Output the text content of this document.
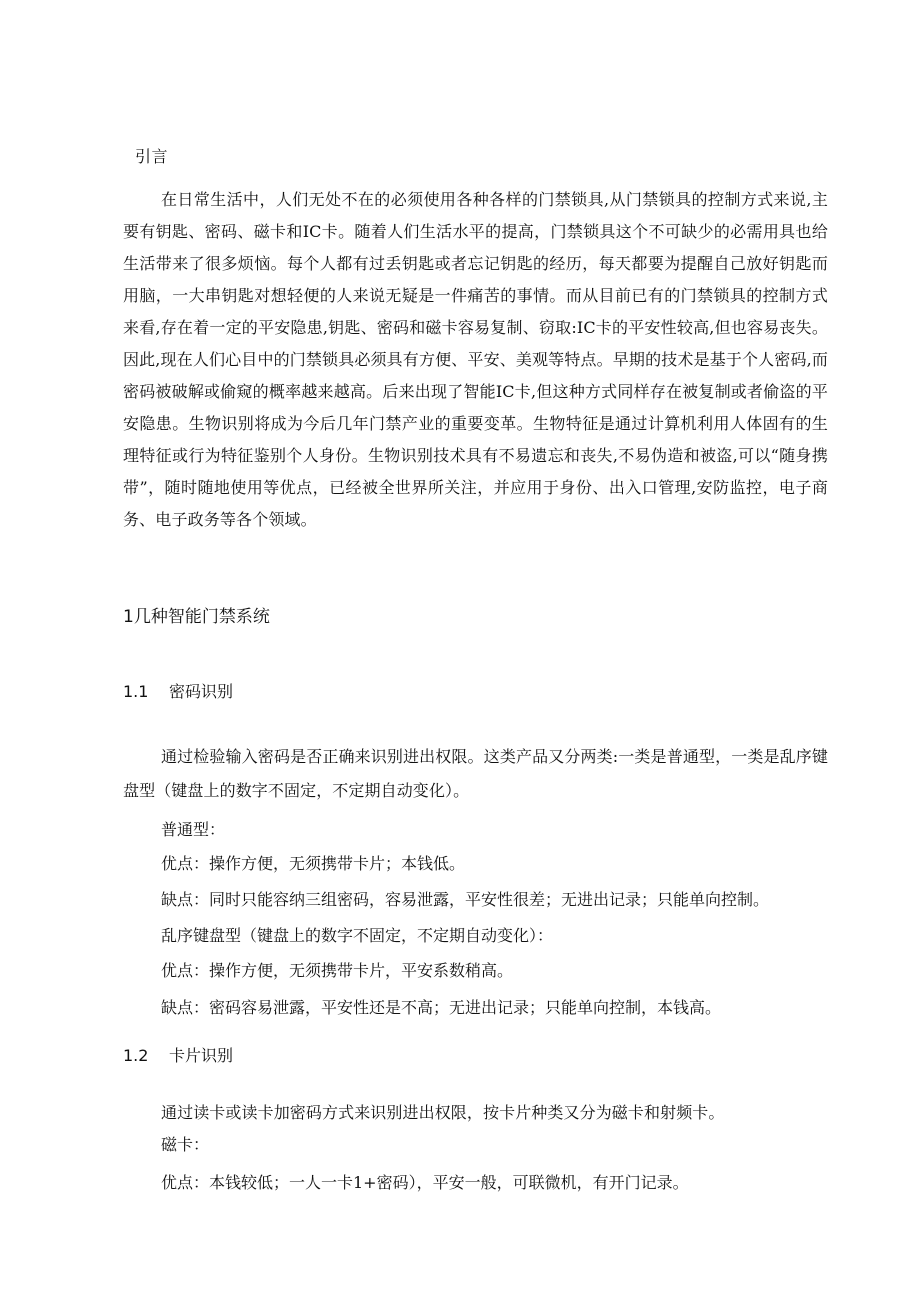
引言

在日常生活中，人们无处不在的必须使用各种各样的门禁锁具,从门禁锁具的控制方式来说,主要有钥匙、密码、磁卡和IC卡。随着人们生活水平的提高，门禁锁具这个不可缺少的必需用具也给生活带来了很多烦恼。每个人都有过丢钥匙或者忘记钥匙的经历，每天都要为提醒自己放好钥匙而用脑，一大串钥匙对想轻便的人来说无疑是一件痛苦的事情。而从目前已有的门禁锁具的控制方式来看,存在着一定的平安隐患,钥匙、密码和磁卡容易复制、窃取:IC卡的平安性较高,但也容易丧失。因此,现在人们心目中的门禁锁具必须具有方便、平安、美观等特点。早期的技术是基于个人密码,而密码被破解或偷窥的概率越来越高。后来出现了智能IC卡,但这种方式同样存在被复制或者偷盗的平安隐患。生物识别将成为今后几年门禁产业的重要变革。生物特征是通过计算机利用人体固有的生理特征或行为特征鉴别个人身份。生物识别技术具有不易遗忘和丧失,不易伪造和被盗,可以“随身携带”，随时随地使用等优点，已经被全世界所关注，并应用于身份、出入口管理,安防监控，电子商务、电子政务等各个领域。

1几种智能门禁系统
1.1 密码识别

通过检验输入密码是否正确来识别进出权限。这类产品又分两类:一类是普通型，一类是乱序键盘型（键盘上的数字不固定，不定期自动变化）。

普通型：

优点：操作方便，无须携带卡片；本钱低。

缺点：同时只能容纳三组密码，容易泄露，平安性很差；无进出记录；只能单向控制。

乱序键盘型（键盘上的数字不固定，不定期自动变化）：

优点：操作方便，无须携带卡片，平安系数稍高。

缺点：密码容易泄露，平安性还是不高；无进出记录；只能单向控制，本钱高。

1.2 卡片识别

通过读卡或读卡加密码方式来识别进出权限，按卡片种类又分为磁卡和射频卡。

磁卡：

优点：本钱较低；一人一卡1+密码），平安一般，可联微机，有开门记录。
